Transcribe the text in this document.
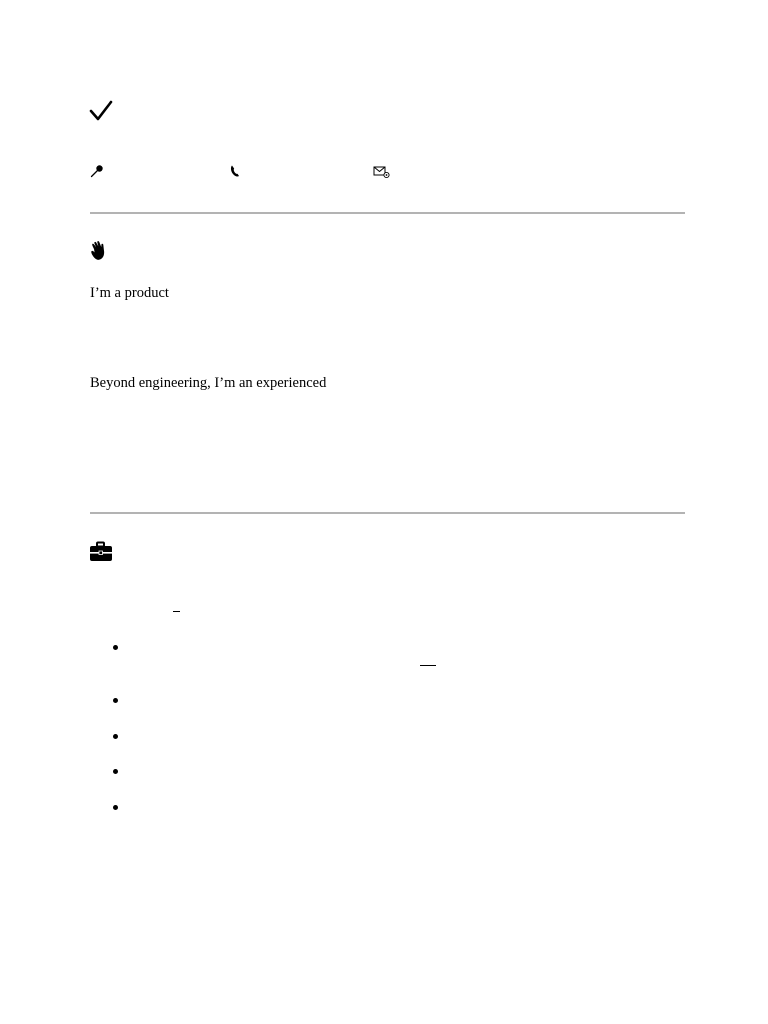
I’m a product
Beyond engineering, I’m an experienced
